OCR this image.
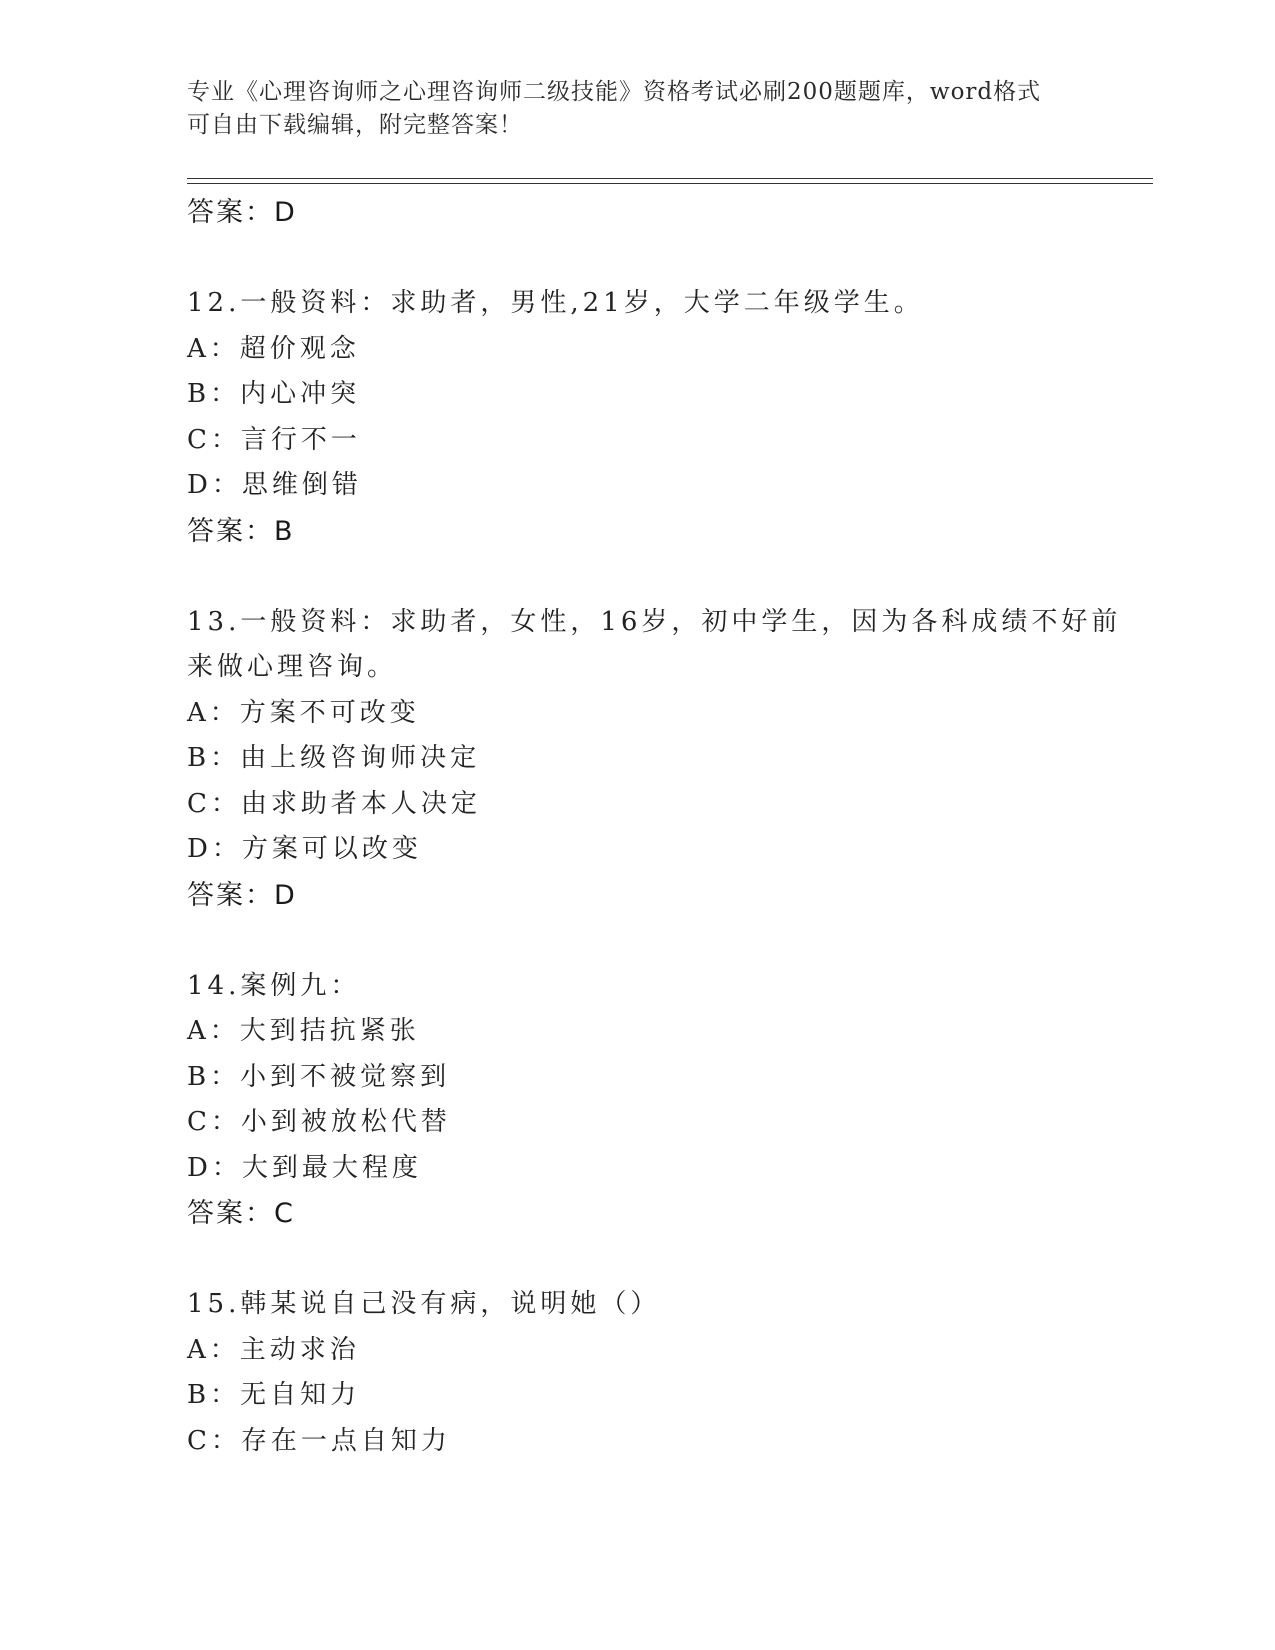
专业《心理咨询师之心理咨询师二级技能》资格考试必刷200题题库，word格式
可自由下载编辑，附完整答案！
答案：D
12.一般资料：求助者，男性,21岁，大学二年级学生。
A：超价观念
B：内心冲突
C：言行不一
D：思维倒错
答案：B
13.一般资料：求助者，女性，16岁，初中学生，因为各科成绩不好前
来做心理咨询。
A：方案不可改变
B：由上级咨询师决定
C：由求助者本人决定
D：方案可以改变
答案：D
14.案例九：
A：大到拮抗紧张
B：小到不被觉察到
C：小到被放松代替
D：大到最大程度
答案：C
15.韩某说自己没有病，说明她（）
A：主动求治
B：无自知力
C：存在一点自知力
